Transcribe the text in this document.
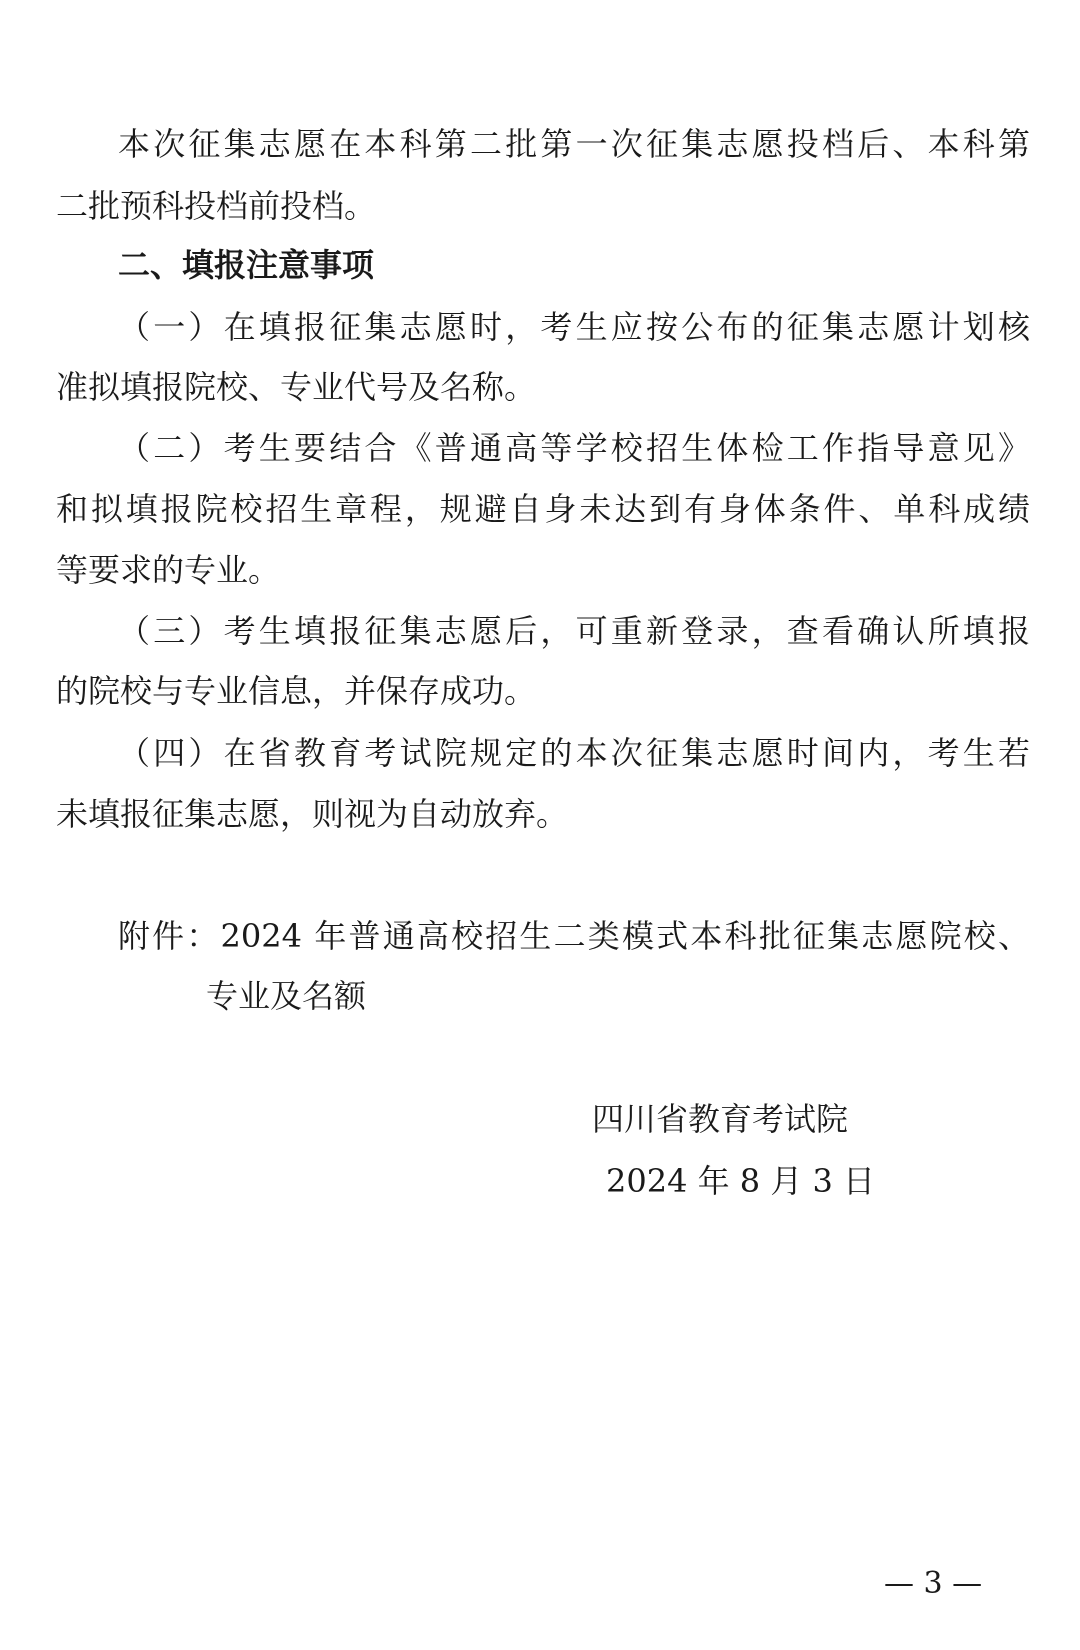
本次征集志愿在本科第二批第一次征集志愿投档后、本科第
二批预科投档前投档。
二、填报注意事项
（一）在填报征集志愿时，考生应按公布的征集志愿计划核
准拟填报院校、专业代号及名称。
（二）考生要结合《普通高等学校招生体检工作指导意见》
和拟填报院校招生章程，规避自身未达到有身体条件、单科成绩
等要求的专业。
（三）考生填报征集志愿后，可重新登录，查看确认所填报
的院校与专业信息，并保存成功。
（四）在省教育考试院规定的本次征集志愿时间内，考生若
未填报征集志愿，则视为自动放弃。
附件：2024 年普通高校招生二类模式本科批征集志愿院校、
专业及名额
四川省教育考试院
2024 年 8 月 3 日
— 3 —
